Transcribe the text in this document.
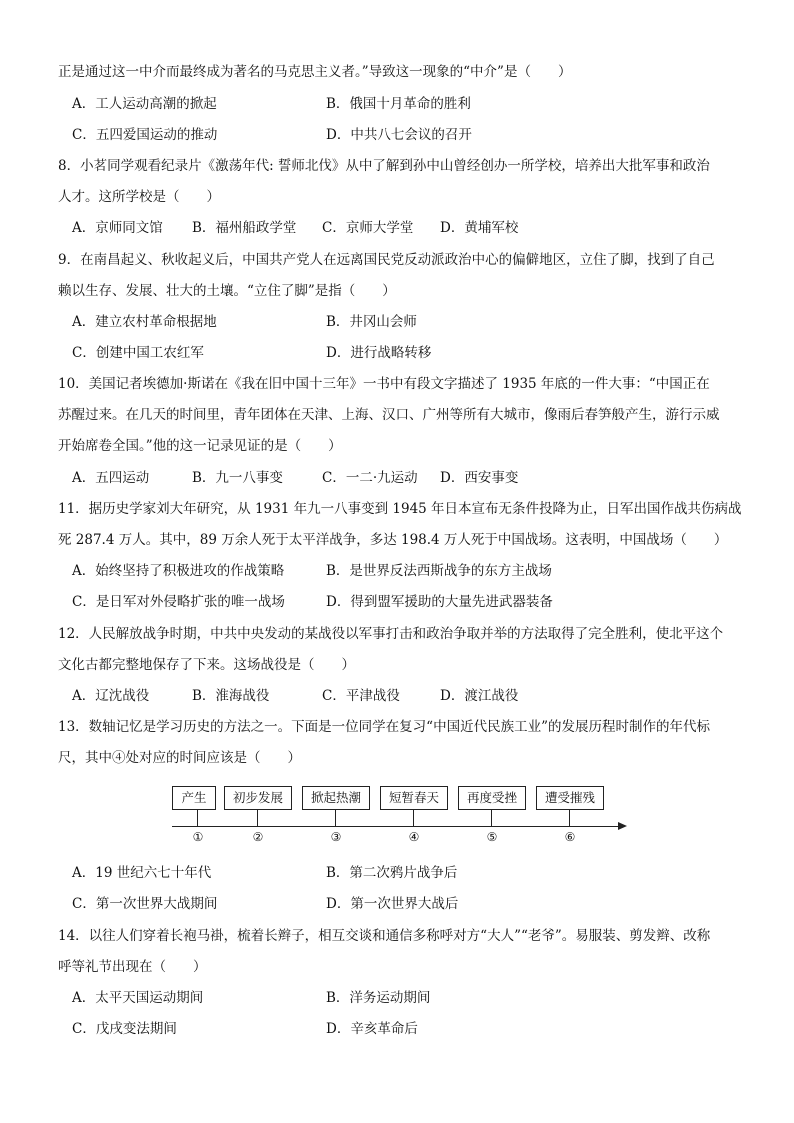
正是通过这一中介而最终成为著名的马克思主义者。”导致这一现象的“中介”是（　　）
A．工人运动高潮的掀起	B．俄国十月革命的胜利
C．五四爱国运动的推动	D．中共八七会议的召开
8．小茗同学观看纪录片《激荡年代: 誓师北伐》从中了解到孙中山曾经创办一所学校，培养出大批军事和政治
人才。这所学校是（　　）
A．京师同文馆 B．福州船政学堂 C．京师大学堂 D．黄埔军校
9．在南昌起义、秋收起义后，中国共产党人在远离国民党反动派政治中心的偏僻地区，立住了脚，找到了自己
赖以生存、发展、壮大的土壤。“立住了脚”是指（　　）
A．建立农村革命根据地	B．井冈山会师
C．创建中国工农红军	D．进行战略转移
10．美国记者埃德加·斯诺在《我在旧中国十三年》一书中有段文字描述了 1935 年底的一件大事：“中国正在
苏醒过来。在几天的时间里，青年团体在天津、上海、汉口、广州等所有大城市，像雨后春笋般产生，游行示威
开始席卷全国。”他的这一记录见证的是（　　）
A．五四运动	B．九一八事变	C．一二·九运动 D．西安事变
11．据历史学家刘大年研究，从 1931 年九一八事变到 1945 年日本宣布无条件投降为止，日军出国作战共伤病战
死 287.4 万人。其中，89 万余人死于太平洋战争，多达 198.4 万人死于中国战场。这表明，中国战场（　　）
A．始终坚持了积极进攻的作战策略	B．是世界反法西斯战争的东方主战场
C．是日军对外侵略扩张的唯一战场	D．得到盟军援助的大量先进武器装备
12．人民解放战争时期，中共中央发动的某战役以军事打击和政治争取并举的方法取得了完全胜利，使北平这个
文化古都完整地保存了下来。这场战役是（　　）
A．辽沈战役	B．淮海战役	C．平津战役	D．渡江战役
13．数轴记忆是学习历史的方法之一。下面是一位同学在复习“中国近代民族工业”的发展历程时制作的年代标
尺，其中④处对应的时间应该是（　　）
产生	初步发展	掀起热潮	短暂春天	再度受挫	遭受摧残
①	②	③	④	⑤	⑥
A．19 世纪六七十年代	B．第二次鸦片战争后
C．第一次世界大战期间	D．第一次世界大战后
14．以往人们穿着长袍马褂，梳着长辫子，相互交谈和通信多称呼对方“大人”“老爷”。易服装、剪发辫、改称
呼等礼节出现在（　　）
A．太平天国运动期间	B．洋务运动期间
C．戊戌变法期间	D．辛亥革命后
